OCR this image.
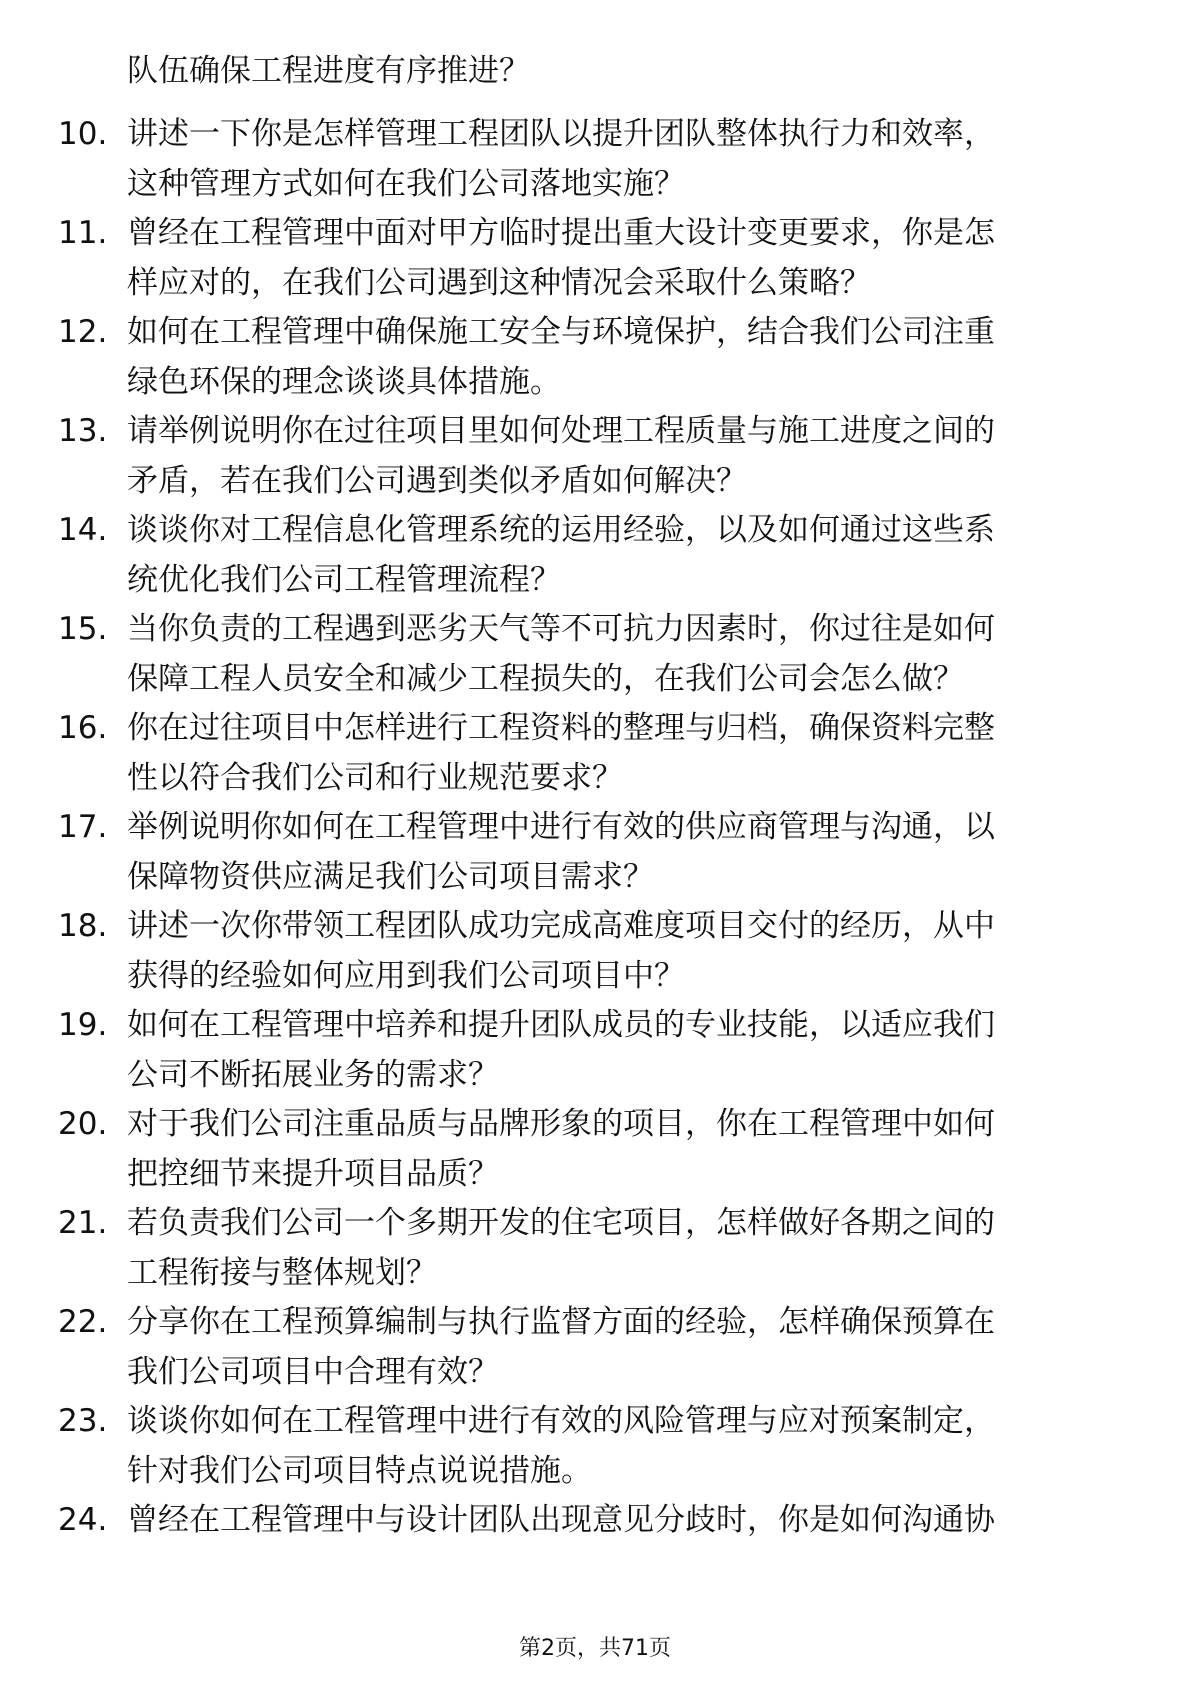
队伍确保工程进度有序推进？
10. 讲述一下你是怎样管理工程团队以提升团队整体执行力和效率，
这种管理方式如何在我们公司落地实施？
11. 曾经在工程管理中面对甲方临时提出重大设计变更要求，你是怎
样应对的，在我们公司遇到这种情况会采取什么策略？
12. 如何在工程管理中确保施工安全与环境保护，结合我们公司注重
绿色环保的理念谈谈具体措施。
13. 请举例说明你在过往项目里如何处理工程质量与施工进度之间的
矛盾，若在我们公司遇到类似矛盾如何解决？
14. 谈谈你对工程信息化管理系统的运用经验，以及如何通过这些系
统优化我们公司工程管理流程？
15. 当你负责的工程遇到恶劣天气等不可抗力因素时，你过往是如何
保障工程人员安全和减少工程损失的，在我们公司会怎么做？
16. 你在过往项目中怎样进行工程资料的整理与归档，确保资料完整
性以符合我们公司和行业规范要求？
17. 举例说明你如何在工程管理中进行有效的供应商管理与沟通，以
保障物资供应满足我们公司项目需求？
18. 讲述一次你带领工程团队成功完成高难度项目交付的经历，从中
获得的经验如何应用到我们公司项目中？
19. 如何在工程管理中培养和提升团队成员的专业技能，以适应我们
公司不断拓展业务的需求？
20. 对于我们公司注重品质与品牌形象的项目，你在工程管理中如何
把控细节来提升项目品质？
21. 若负责我们公司一个多期开发的住宅项目，怎样做好各期之间的
工程衔接与整体规划？
22. 分享你在工程预算编制与执行监督方面的经验，怎样确保预算在
我们公司项目中合理有效？
23. 谈谈你如何在工程管理中进行有效的风险管理与应对预案制定，
针对我们公司项目特点说说措施。
24. 曾经在工程管理中与设计团队出现意见分歧时，你是如何沟通协
第2页，共71页
